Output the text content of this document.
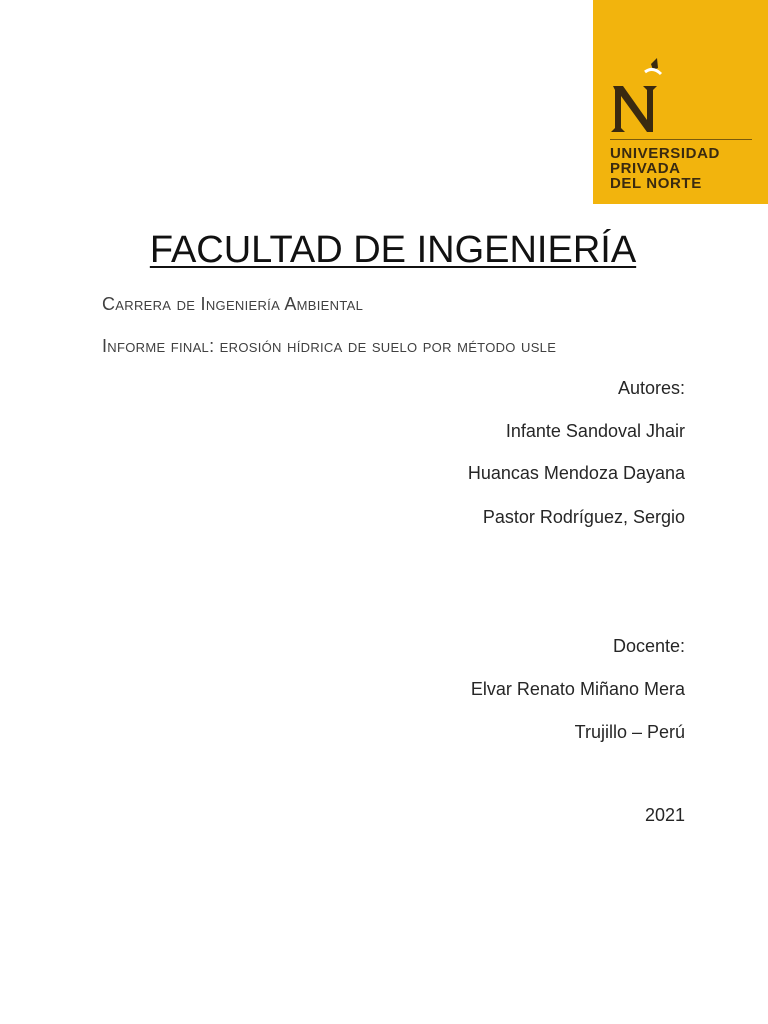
UNIVERSIDAD
PRIVADA
DEL NORTE
FACULTAD DE INGENIERÍA

Carrera de Ingeniería Ambiental

Informe final: erosión hídrica de suelo por método usle

Autores:

Infante Sandoval Jhair

Huancas Mendoza Dayana

Pastor Rodríguez, Sergio

Docente:

Elvar Renato Miñano Mera

Trujillo – Perú

2021
